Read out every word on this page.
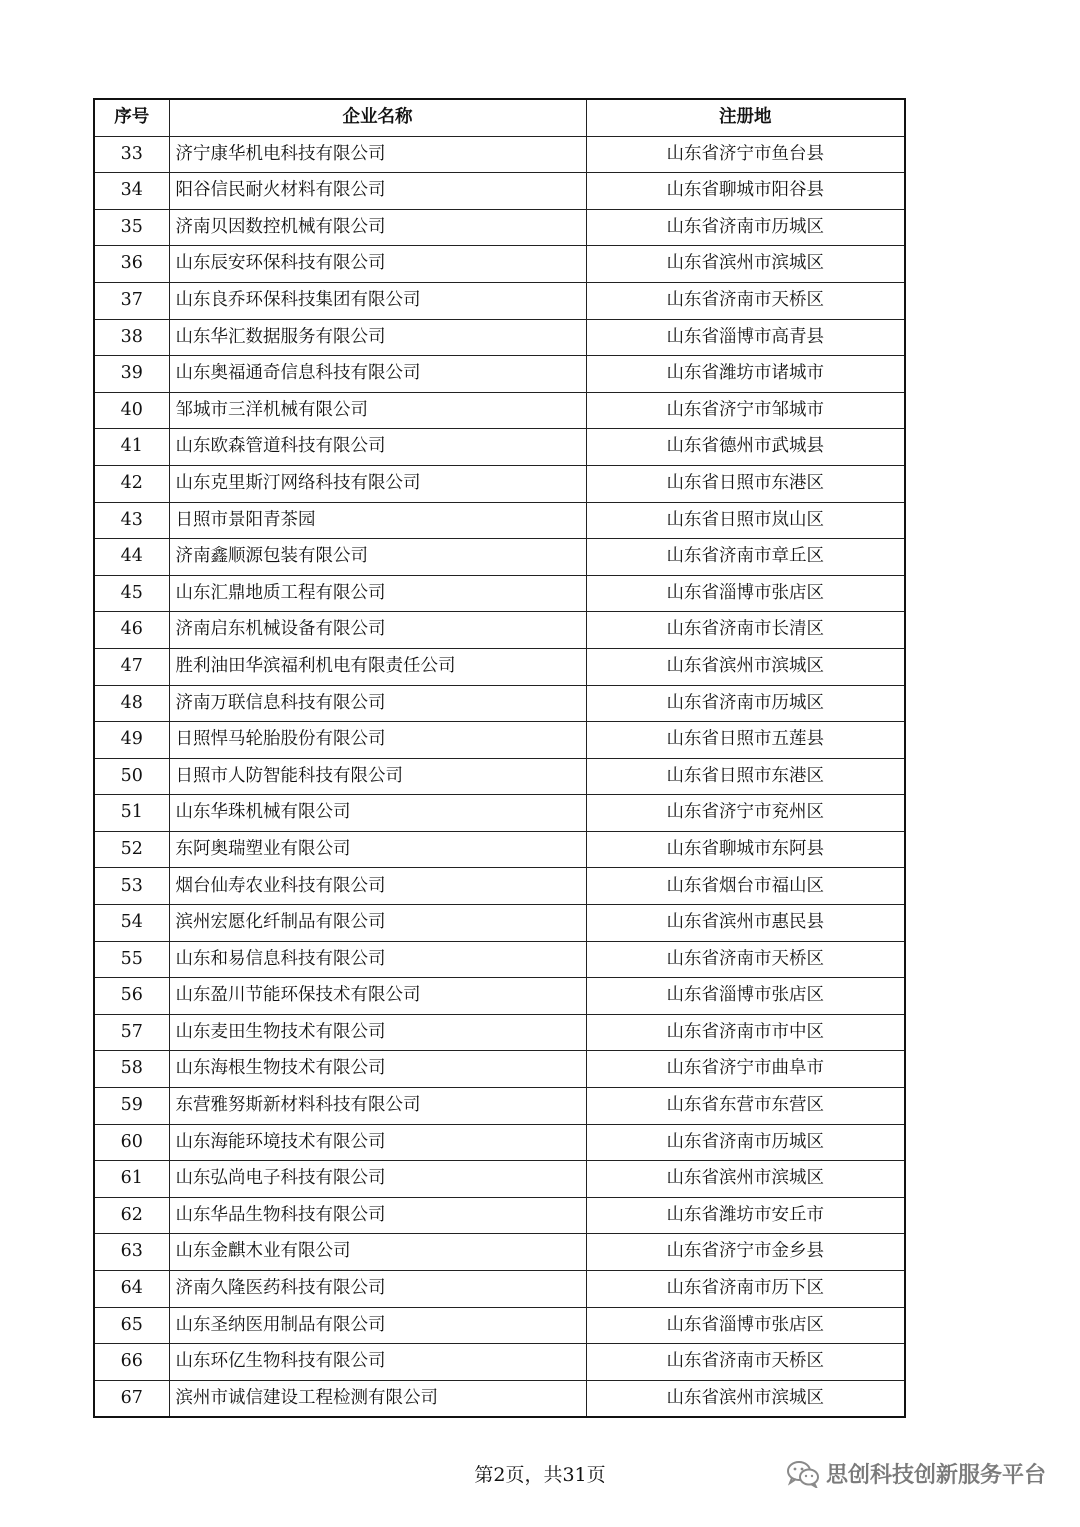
序号	企业名称	注册地
33	济宁康华机电科技有限公司	山东省济宁市鱼台县
34	阳谷信民耐火材料有限公司	山东省聊城市阳谷县
35	济南贝因数控机械有限公司	山东省济南市历城区
36	山东辰安环保科技有限公司	山东省滨州市滨城区
37	山东良乔环保科技集团有限公司	山东省济南市天桥区
38	山东华汇数据服务有限公司	山东省淄博市高青县
39	山东奥福通奇信息科技有限公司	山东省潍坊市诸城市
40	邹城市三洋机械有限公司	山东省济宁市邹城市
41	山东欧森管道科技有限公司	山东省德州市武城县
42	山东克里斯汀网络科技有限公司	山东省日照市东港区
43	日照市景阳青茶园	山东省日照市岚山区
44	济南鑫顺源包装有限公司	山东省济南市章丘区
45	山东汇鼎地质工程有限公司	山东省淄博市张店区
46	济南启东机械设备有限公司	山东省济南市长清区
47	胜利油田华滨福利机电有限责任公司	山东省滨州市滨城区
48	济南万联信息科技有限公司	山东省济南市历城区
49	日照悍马轮胎股份有限公司	山东省日照市五莲县
50	日照市人防智能科技有限公司	山东省日照市东港区
51	山东华珠机械有限公司	山东省济宁市兖州区
52	东阿奥瑞塑业有限公司	山东省聊城市东阿县
53	烟台仙寿农业科技有限公司	山东省烟台市福山区
54	滨州宏愿化纤制品有限公司	山东省滨州市惠民县
55	山东和易信息科技有限公司	山东省济南市天桥区
56	山东盈川节能环保技术有限公司	山东省淄博市张店区
57	山东麦田生物技术有限公司	山东省济南市市中区
58	山东海根生物技术有限公司	山东省济宁市曲阜市
59	东营雅努斯新材料科技有限公司	山东省东营市东营区
60	山东海能环境技术有限公司	山东省济南市历城区
61	山东弘尚电子科技有限公司	山东省滨州市滨城区
62	山东华品生物科技有限公司	山东省潍坊市安丘市
63	山东金麒木业有限公司	山东省济宁市金乡县
64	济南久隆医药科技有限公司	山东省济南市历下区
65	山东圣纳医用制品有限公司	山东省淄博市张店区
66	山东环亿生物科技有限公司	山东省济南市天桥区
67	滨州市诚信建设工程检测有限公司	山东省滨州市滨城区
第2页，共31页	思创科技创新服务平台
